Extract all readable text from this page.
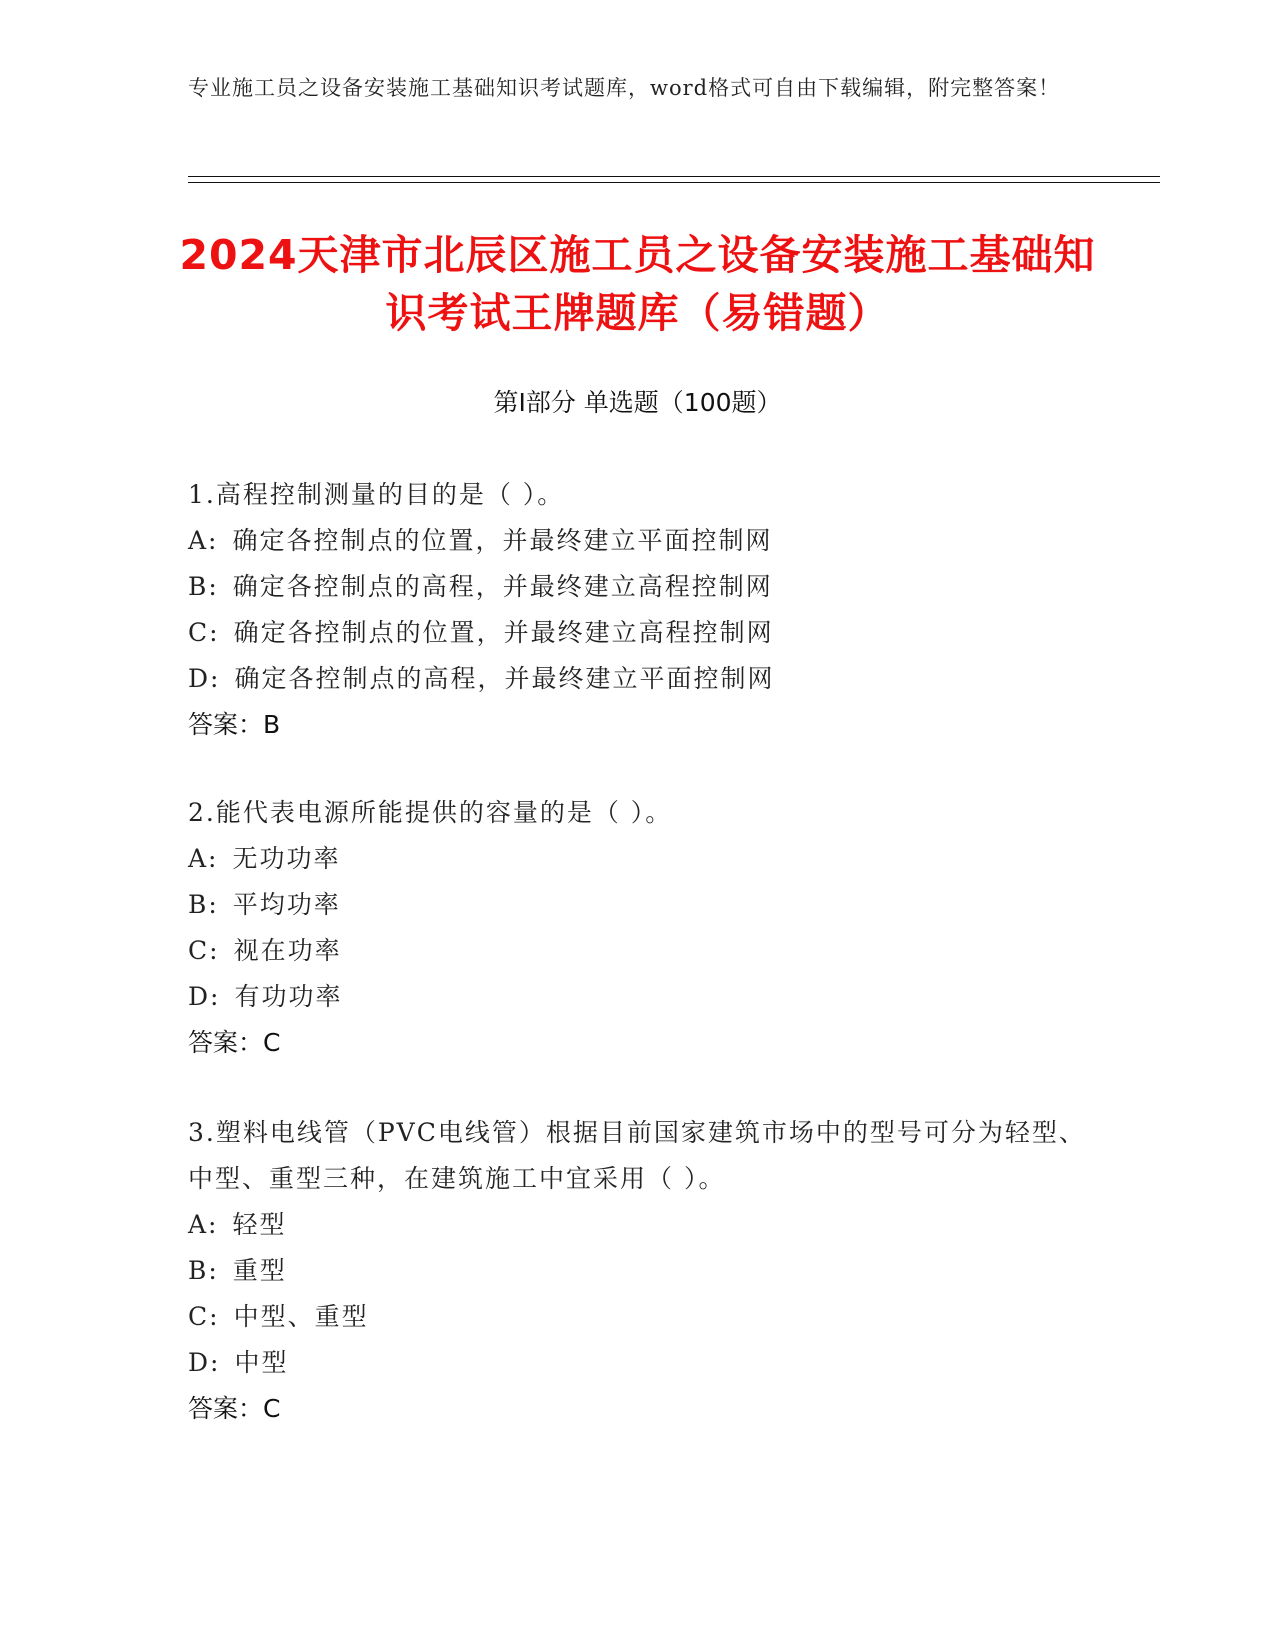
专业施工员之设备安装施工基础知识考试题库，word格式可自由下载编辑，附完整答案！
2024天津市北辰区施工员之设备安装施工基础知识考试王牌题库（易错题）
第I部分 单选题（100题）

1.高程控制测量的目的是（ ）。

A: 确定各控制点的位置，并最终建立平面控制网

B: 确定各控制点的高程，并最终建立高程控制网

C: 确定各控制点的位置，并最终建立高程控制网

D: 确定各控制点的高程，并最终建立平面控制网

答案：B

2.能代表电源所能提供的容量的是（ ）。

A: 无功功率

B: 平均功率

C: 视在功率

D: 有功功率

答案：C

3.塑料电线管（PVC电线管）根据目前国家建筑市场中的型号可分为轻型、中型、重型三种，在建筑施工中宜采用（ ）。

A: 轻型

B: 重型

C: 中型、重型

D: 中型

答案：C
